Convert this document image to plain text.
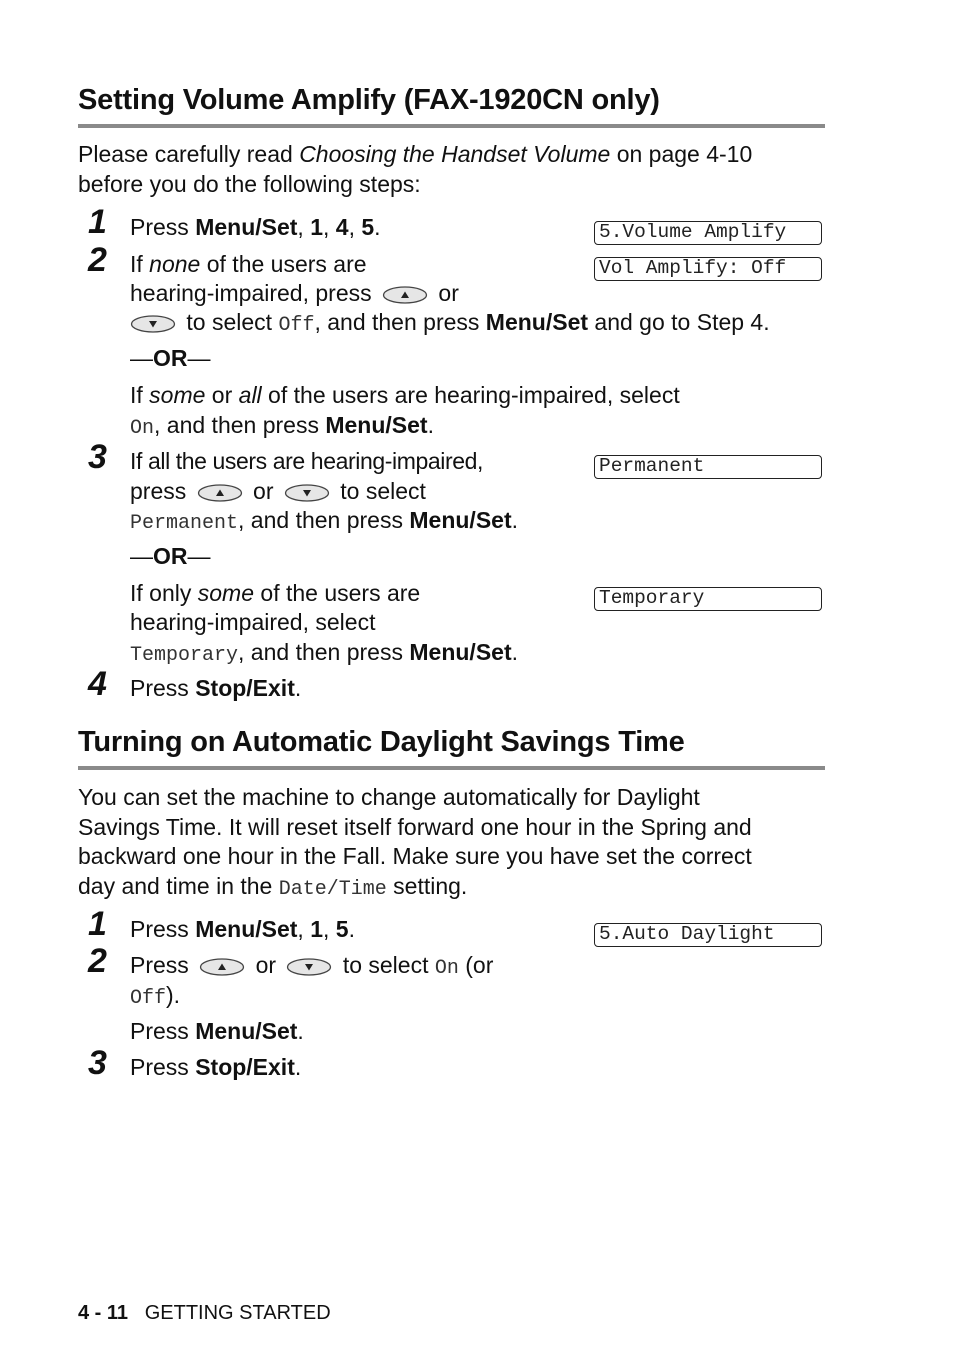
Setting Volume Amplify (FAX-1920CN only)
Please carefully read Choosing the Handset Volume on page 4-10
before you do the following steps:
1	Press Menu/Set, 1, 4, 5.	5.Volume Amplify
2	If none of the users are	Vol Amplify: Off
hearing-impaired, press	or
to select Off, and then press Menu/Set and go to Step 4.
—OR—
If some or all of the users are hearing-impaired, select
On, and then press Menu/Set.
3	If all the users are hearing-impaired,	Permanent
press	or	to select
Permanent, and then press Menu/Set.
—OR—
If only some of the users are	Temporary
hearing-impaired, select
Temporary, and then press Menu/Set.
4	Press Stop/Exit.
Turning on Automatic Daylight Savings Time
You can set the machine to change automatically for Daylight
Savings Time. It will reset itself forward one hour in the Spring and
backward one hour in the Fall. Make sure you have set the correct
day and time in the Date/Time setting.
1	Press Menu/Set, 1, 5.	5.Auto Daylight
2	Press	or	to select On (or
Off).
Press Menu/Set.
3	Press Stop/Exit.
4 - 11 GETTING STARTED
